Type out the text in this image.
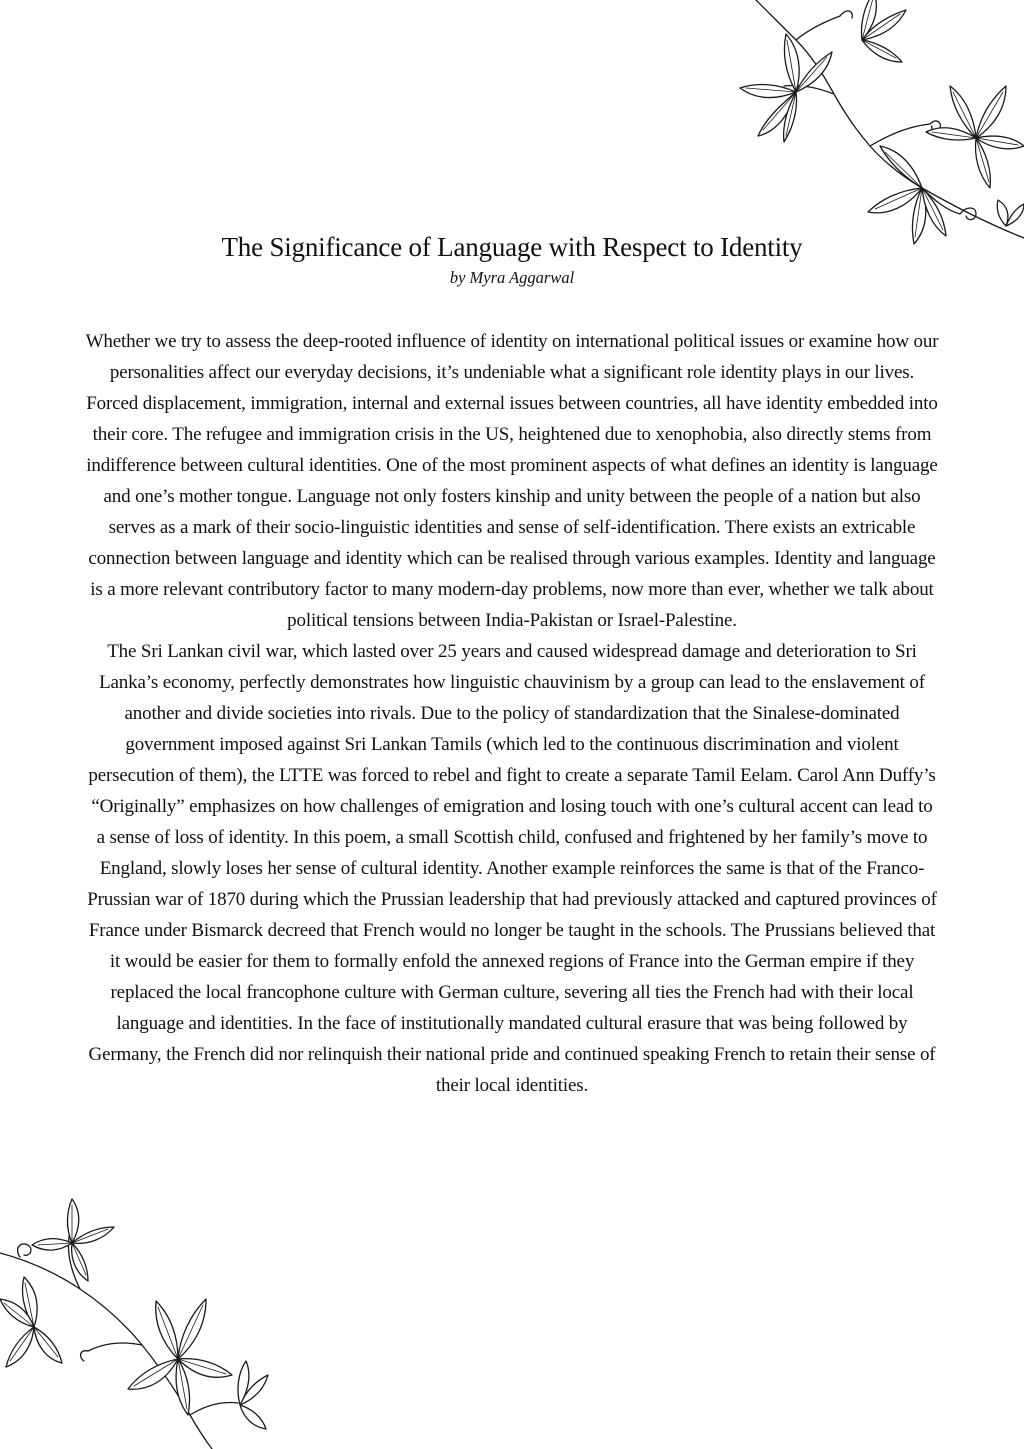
The Significance of Language with Respect to Identity

by Myra Aggarwal

Whether we try to assess the deep-rooted influence of identity on international political issues or examine how our personalities affect our everyday decisions, it’s undeniable what a significant role identity plays in our lives. Forced displacement, immigration, internal and external issues between countries, all have identity embedded into their core. The refugee and immigration crisis in the US, heightened due to xenophobia, also directly stems from indifference between cultural identities. One of the most prominent aspects of what defines an identity is language and one’s mother tongue. Language not only fosters kinship and unity between the people of a nation but also serves as a mark of their socio-linguistic identities and sense of self-identification. There exists an extricable connection between language and identity which can be realised through various examples. Identity and language is a more relevant contributory factor to many modern-day problems, now more than ever, whether we talk about political tensions between India-Pakistan or Israel-Palestine.

The Sri Lankan civil war, which lasted over 25 years and caused widespread damage and deterioration to Sri Lanka’s economy, perfectly demonstrates how linguistic chauvinism by a group can lead to the enslavement of another and divide societies into rivals. Due to the policy of standardization that the Sinalese-dominated government imposed against Sri Lankan Tamils (which led to the continuous discrimination and violent persecution of them), the LTTE was forced to rebel and fight to create a separate Tamil Eelam. Carol Ann Duffy’s “Originally” emphasizes on how challenges of emigration and losing touch with one’s cultural accent can lead to a sense of loss of identity. In this poem, a small Scottish child, confused and frightened by her family’s move to England, slowly loses her sense of cultural identity. Another example reinforces the same is that of the Franco-Prussian war of 1870 during which the Prussian leadership that had previously attacked and captured provinces of France under Bismarck decreed that French would no longer be taught in the schools. The Prussians believed that it would be easier for them to formally enfold the annexed regions of France into the German empire if they replaced the local francophone culture with German culture, severing all ties the French had with their local language and identities. In the face of institutionally mandated cultural erasure that was being followed by Germany, the French did nor relinquish their national pride and continued speaking French to retain their sense of their local identities.
